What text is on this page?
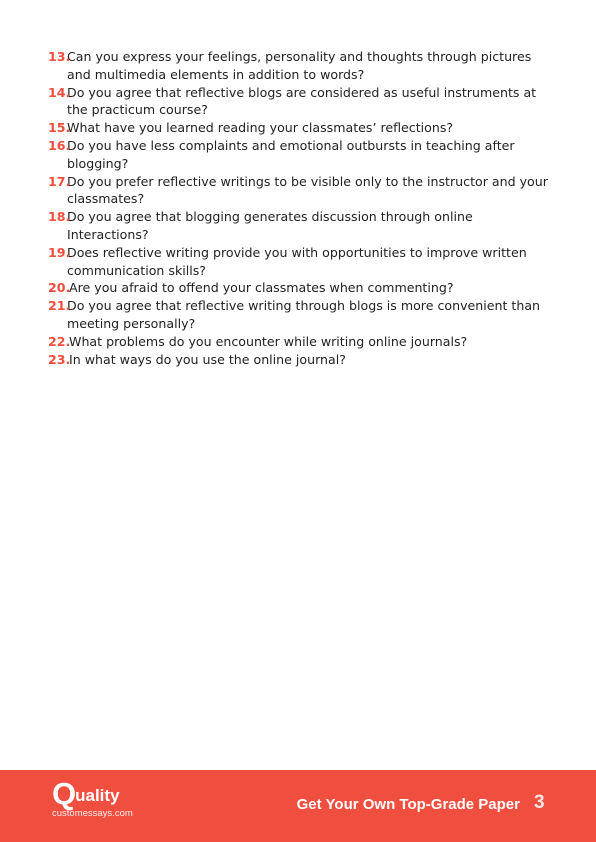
13.
Can you express your feelings, personality and thoughts through pictures and multimedia elements in addition to words?
14.
Do you agree that reflective blogs are considered as useful instruments at the practicum course?
15.
What have you learned reading your classmates’ reflections?
16.
Do you have less complaints and emotional outbursts in teaching after blogging?
17.
Do you prefer reflective writings to be visible only to the instructor and your classmates?
18.
Do you agree that blogging generates discussion through online Interactions?
19.
Does reflective writing provide you with opportunities to improve written communication skills?
20.
Are you afraid to offend your classmates when commenting?
21.
Do you agree that reflective writing through blogs is more convenient than meeting personally?
22.
What problems do you encounter while writing online journals?
23.
In what ways do you use the online journal?
Quality
customessays.com
Get Your Own Top-Grade Paper 3
